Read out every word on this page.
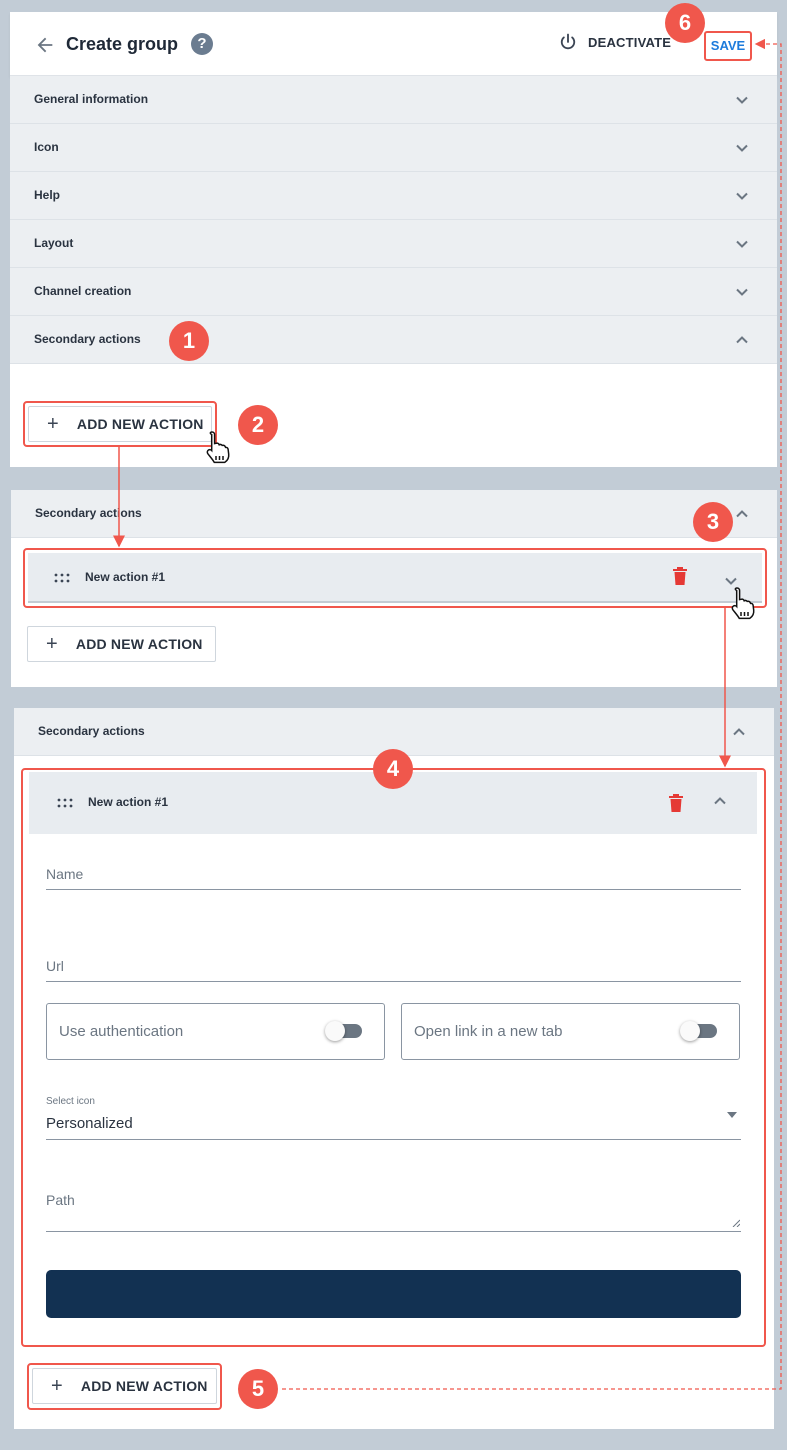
Create group	?	DEACTIVATE	SAVE
General information
Icon
Help
Layout
Channel creation
Secondary actions
+ ADD NEW ACTION
Secondary actions
New action #1
+ ADD NEW ACTION
Secondary actions
New action #1
Name
Url
Use authentication	Open link in a new tab
Select icon
Personalized
Path
+ ADD NEW ACTION
1
2
3
4
5
6
